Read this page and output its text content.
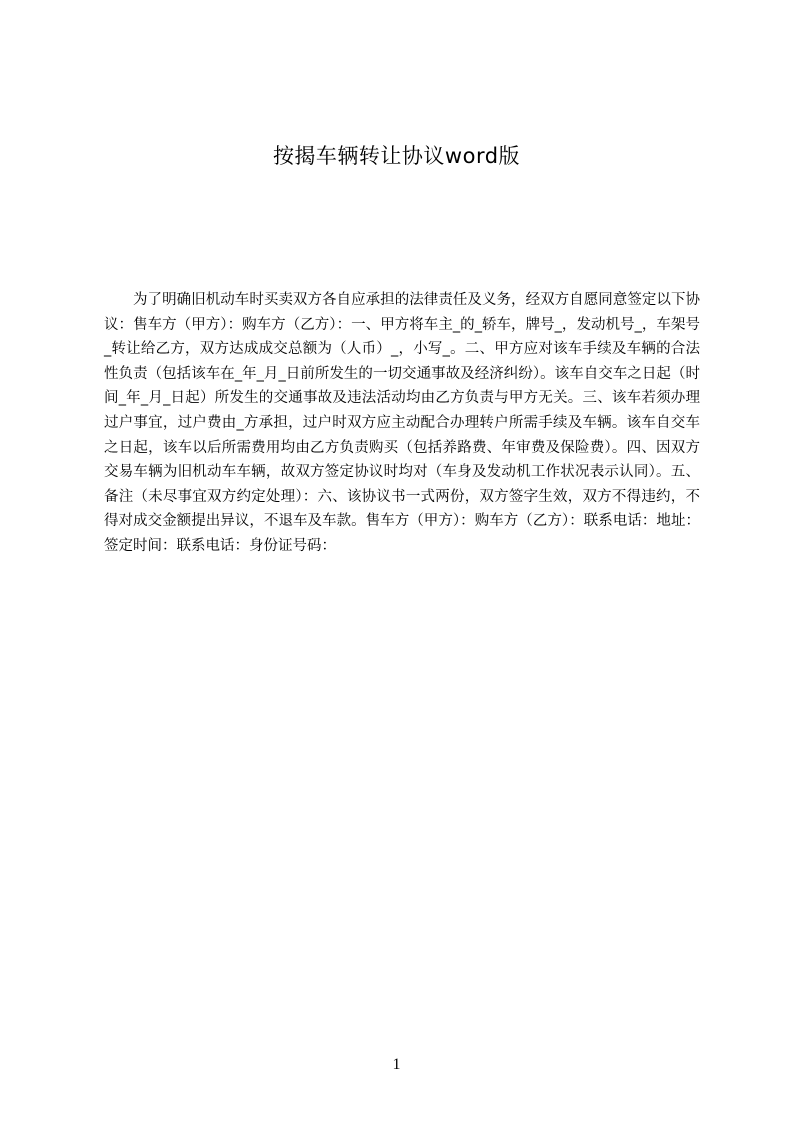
按揭车辆转让协议word版

为了明确旧机动车时买卖双方各自应承担的法律责任及义务，经双方自愿同意签定以下协议：售车方（甲方）：购车方（乙方）：一、甲方将车主_的_轿车，牌号_，发动机号_，车架号_转让给乙方，双方达成成交总额为（人币）_，小写_。二、甲方应对该车手续及车辆的合法性负责（包括该车在_年_月_日前所发生的一切交通事故及经济纠纷）。该车自交车之日起（时间_年_月_日起）所发生的交通事故及违法活动均由乙方负责与甲方无关。三、该车若须办理过户事宜，过户费由_方承担，过户时双方应主动配合办理转户所需手续及车辆。该车自交车之日起，该车以后所需费用均由乙方负责购买（包括养路费、年审费及保险费）。四、因双方交易车辆为旧机动车车辆，故双方签定协议时均对（车身及发动机工作状况表示认同）。五、备注（未尽事宜双方约定处理）：六、该协议书一式两份，双方签字生效，双方不得违约，不得对成交金额提出异议，不退车及车款。售车方（甲方）：购车方（乙方）：联系电话：地址：签定时间：联系电话：身份证号码：

1
